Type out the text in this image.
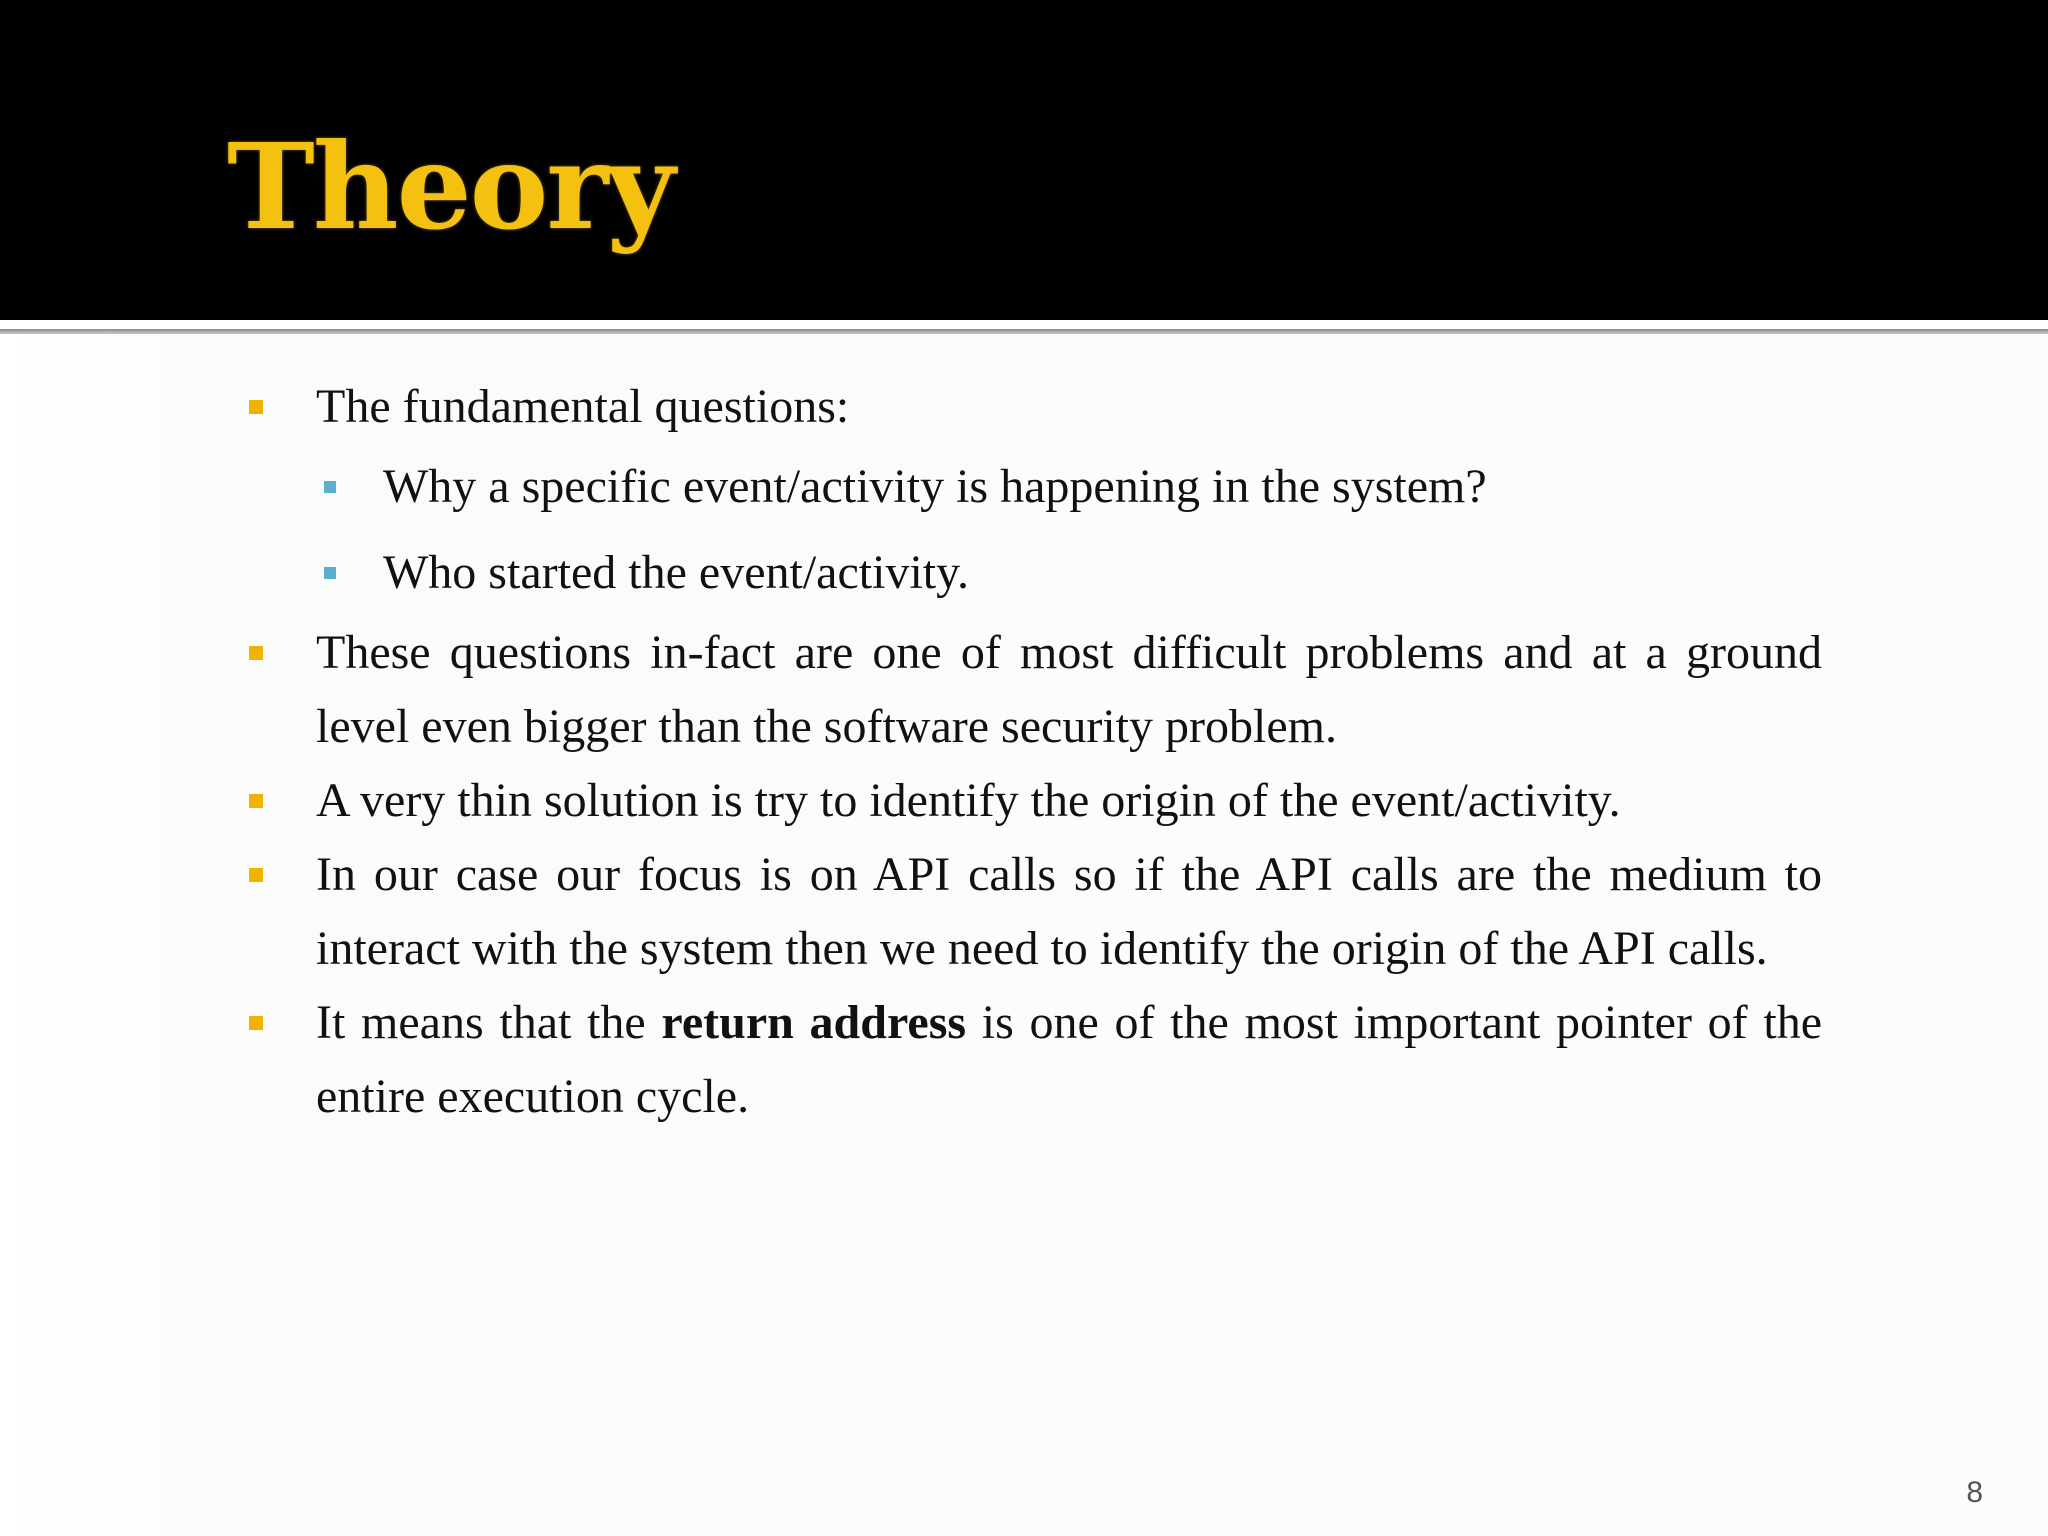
Theory
The fundamental questions:
Why a specific event/activity is happening in the system?
Who started the event/activity.
These questions in-fact are one of most difficult problems and at a ground level even bigger than the software security problem.
A very thin solution is try to identify the origin of the event/activity.
In our case our focus is on API calls so if the API calls are the medium to interact with the system then we need to identify the origin of the API calls.
It means that the return address is one of the most important pointer of the entire execution cycle.
8
